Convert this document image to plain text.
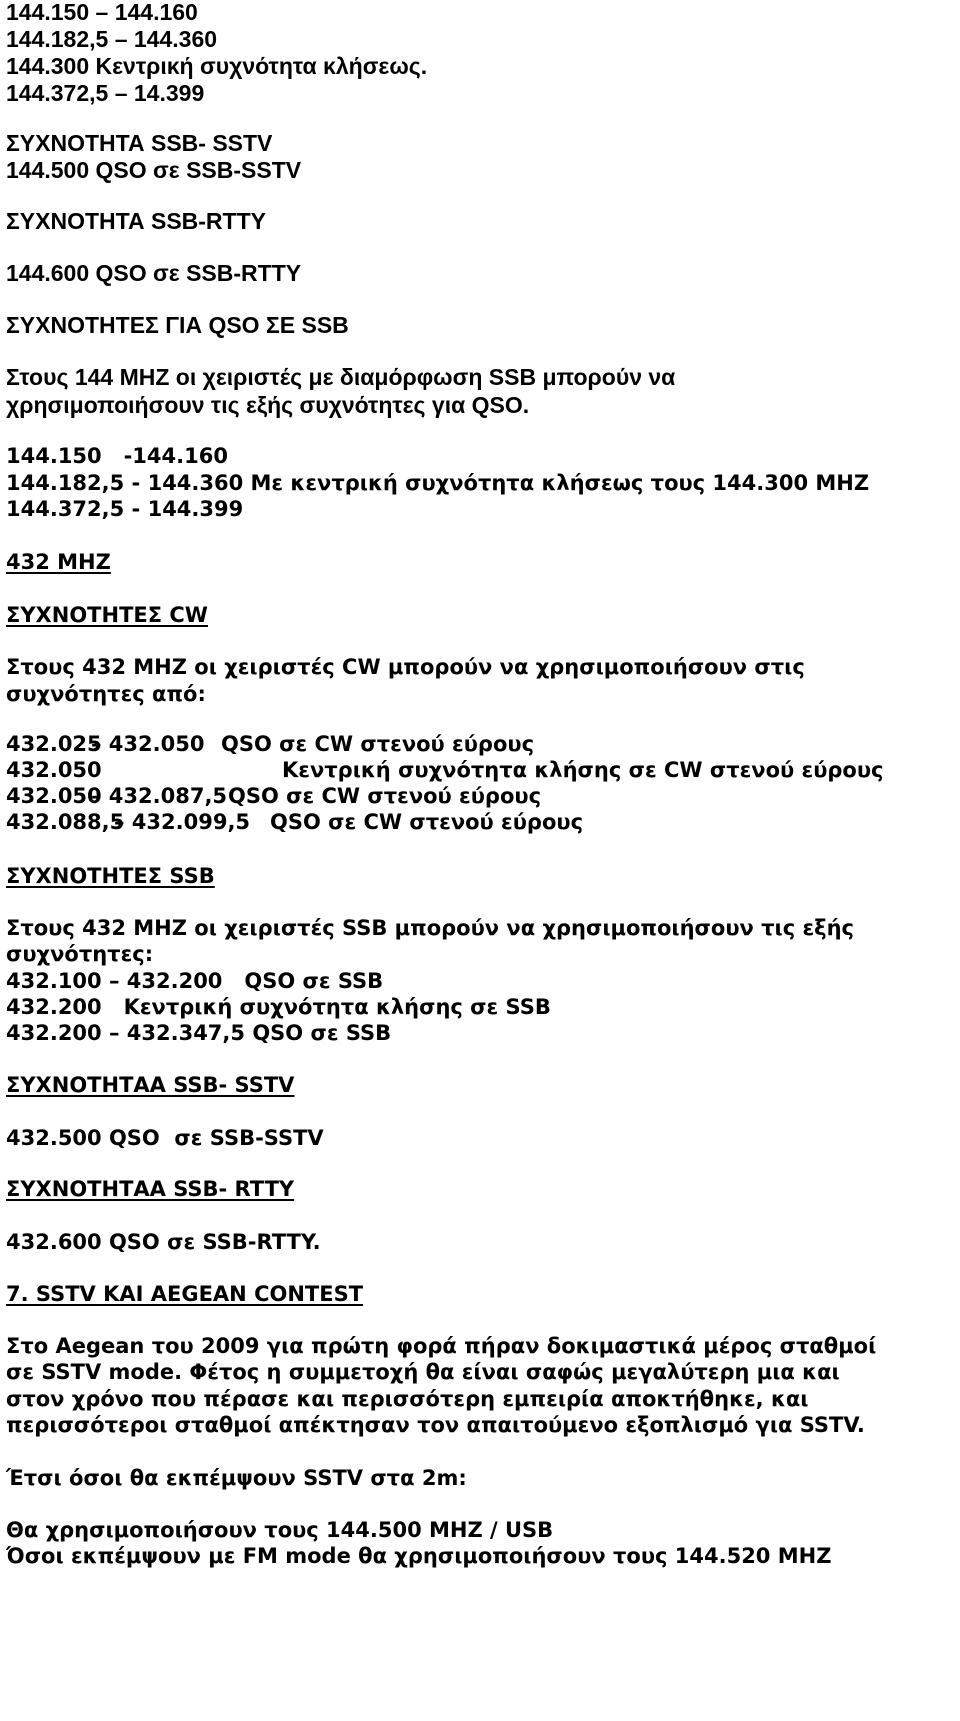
144.150 – 144.160

144.182,5 – 144.360

144.300 Κεντρική συχνότητα κλήσεως.

144.372,5 – 14.399

ΣΥΧΝΟΤΗΤΑ SSB- SSTV

144.500 QSO σε SSB-SSTV

ΣΥΧΝΟΤΗΤΑ SSB-RTTY

144.600 QSO σε SSB-RTTY

ΣΥΧΝΟΤΗΤΕΣ ΓΙΑ QSO ΣΕ SSB

Στους 144 MHZ οι χειριστές με διαμόρφωση SSB μπορούν να

χρησιμοποιήσουν τις εξής συχνότητες για QSO.

144.150   -144.160

144.182,5 - 144.360 Με κεντρική συχνότητα κλήσεως τους 144.300 MHZ

144.372,5 - 144.399

432 MHZ

ΣΥΧΝΟΤΗΤΕΣ CW

Στους 432 MHZ οι χειριστές CW μπορούν να χρησιμοποιήσουν στις

συχνότητες από:

432.025– 432.050 QSO σε CW στενού εύρους

432.050	Κεντρική συχνότητα κλήσης σε CW στενού εύρους

432.050– 432.087,5QSO σε CW στενού εύρους

432.088,5– 432.099,5 QSO σε CW στενού εύρους

ΣΥΧΝΟΤΗΤΕΣ SSB

Στους 432 MHZ οι χειριστές SSB μπορούν να χρησιμοποιήσουν τις εξής

συχνότητες:

432.100 – 432.200   QSO σε SSB

432.200   Κεντρική συχνότητα κλήσης σε SSB

432.200 – 432.347,5 QSO σε SSB

ΣΥΧΝΟΤΗΤΑΑ SSB- SSTV

432.500 QSO  σε SSB-SSTV

ΣΥΧΝΟΤΗΤΑΑ SSB- RTTY

432.600 QSO σε SSB-RTTY.

7. SSTV KAI AEGEAN CONTEST

Στο Aegean του 2009 για πρώτη φορά πήραν δοκιμαστικά μέρος σταθμοί

σε SSTV mode. Φέτος η συμμετοχή θα είναι σαφώς μεγαλύτερη μια και

στον χρόνο που πέρασε και περισσότερη εμπειρία αποκτήθηκε, και

περισσότεροι σταθμοί απέκτησαν τον απαιτούμενο εξοπλισμό για SSTV.

Έτσι όσοι θα εκπέμψουν SSTV στα 2m:

Θα χρησιμοποιήσουν τους 144.500 MHZ / USB

Όσοι εκπέμψουν με FM mode θα χρησιμοποιήσουν τους 144.520 MHZ
